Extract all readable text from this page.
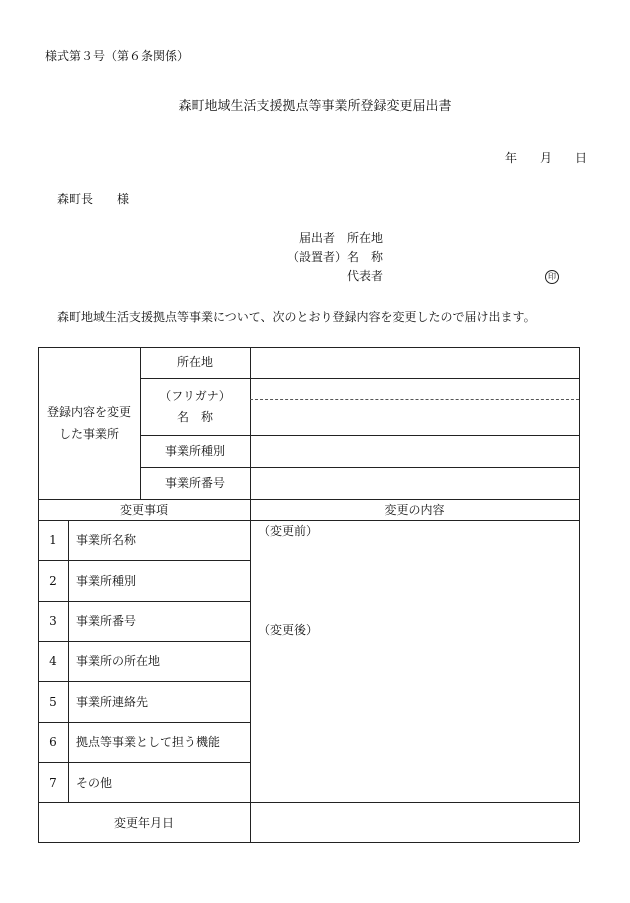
様式第３号（第６条関係）
森町地域生活支援拠点等事業所登録変更届出書
年 月 日
森町長　　様
届出者 所在地
（設置者） 名　称
代表者	印
森町地域生活支援拠点等事業について、次のとおり登録内容を変更したので届け出ます。
登録内容を変更
した事業所
所在地
（フリガナ）
名　称
事業所種別
事業所番号
変更事項	変更の内容
1	事業所名称
2	事業所種別
3	事業所番号
4	事業所の所在地
5	事業所連絡先
6	拠点等事業として担う機能
7	その他
（変更前）
（変更後）
変更年月日
